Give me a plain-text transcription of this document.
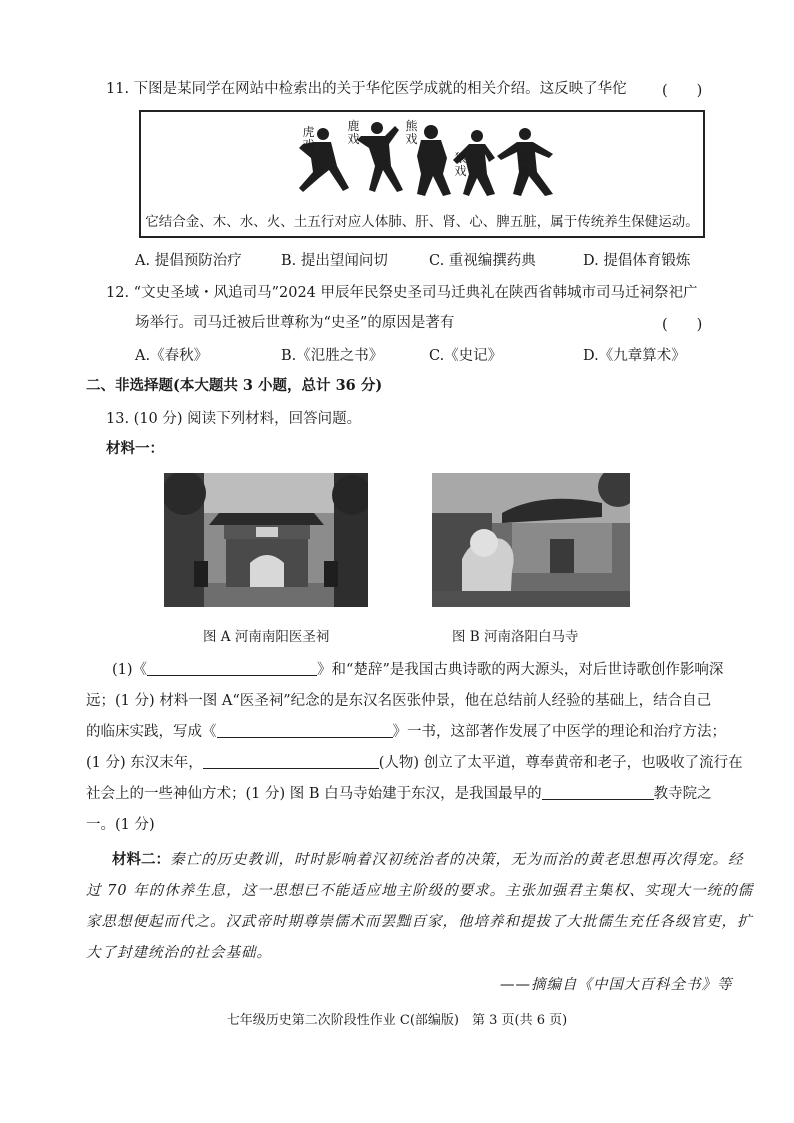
11. 下图是某同学在网站中检索出的关于华佗医学成就的相关介绍。这反映了华佗 (　　)
虎戏
鹿戏
熊戏
猿戏
鸟戏
它结合金、木、水、火、土五行对应人体肺、肝、肾、心、脾五脏，属于传统养生保健运动。
A. 提倡预防治疗	B. 提出望闻问切	C. 重视编撰药典	D. 提倡体育锻炼
12. “文史圣域・风追司马”2024 甲辰年民祭史圣司马迁典礼在陕西省韩城市司马迁祠祭祀广
场举行。司马迁被后世尊称为“史圣”的原因是著有	(　　)
A.《春秋》	B.《氾胜之书》	C.《史记》	D.《九章算术》
二、非选择题(本大题共 3 小题，总计 36 分)
13. (10 分) 阅读下列材料，回答问题。
材料一：
图 A 河南南阳医圣祠	图 B 河南洛阳白马寺
(1)《	》和“楚辞”是我国古典诗歌的两大源头，对后世诗歌创作影响深
远；(1 分) 材料一图 A“医圣祠”纪念的是东汉名医张仲景，他在总结前人经验的基础上，结合自己
的临床实践，写成《	》一书，这部著作发展了中医学的理论和治疗方法；
(1 分) 东汉末年，	(人物) 创立了太平道，尊奉黄帝和老子，也吸收了流行在
社会上的一些神仙方术；(1 分) 图 B 白马寺始建于东汉，是我国最早的	教寺院之
一。(1 分)
材料二：秦亡的历史教训，时时影响着汉初统治者的决策，无为而治的黄老思想再次得宠。经
过 70 年的休养生息，这一思想已不能适应地主阶级的要求。主张加强君主集权、实现大一统的儒
家思想便起而代之。汉武帝时期尊崇儒术而罢黜百家，他培养和提拔了大批儒生充任各级官吏，扩
大了封建统治的社会基础。
——摘编自《中国大百科全书》等
七年级历史第二次阶段性作业 C(部编版)　第 3 页(共 6 页)
